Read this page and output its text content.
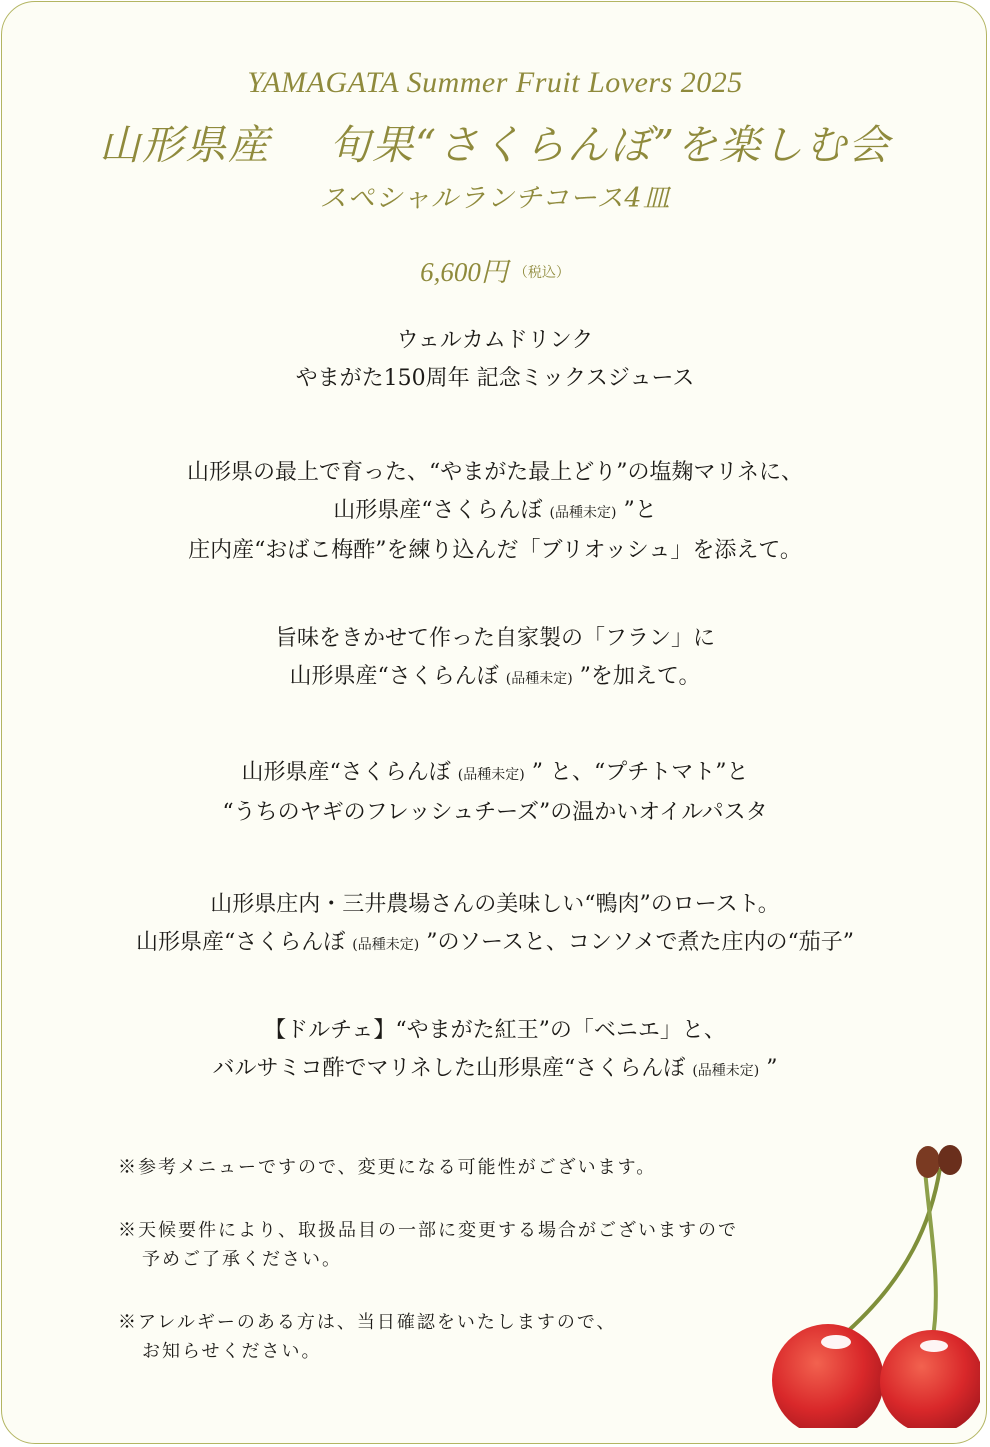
YAMAGATA Summer Fruit Lovers 2025
山形県産　 旬果“さくらんぼ”を楽しむ会
スペシャルランチコース4皿
6,600円 （税込）
ウェルカムドリンク
やまがた150周年 記念ミックスジュース
山形県の最上で育った、“やまがた最上どり”の塩麹マリネに、
山形県産“さくらんぼ (品種未定) ”と
庄内産“おばこ梅酢”を練り込んだ「ブリオッシュ」を添えて。
旨味をきかせて作った自家製の「フラン」に
山形県産“さくらんぼ (品種未定) ”を加えて。
山形県産“さくらんぼ (品種未定) ” と、“プチトマト”と
“うちのヤギのフレッシュチーズ”の温かいオイルパスタ
山形県庄内・三井農場さんの美味しい“鴨肉”のロースト。
山形県産“さくらんぼ (品種未定) ”のソースと、コンソメで煮た庄内の“茄子”
【ドルチェ】“やまがた紅王”の「ベニエ」と、
バルサミコ酢でマリネした山形県産“さくらんぼ (品種未定) ”
※参考メニューですので、変更になる可能性がございます。
※天候要件により、取扱品目の一部に変更する場合がございますので
予めご了承ください。
※アレルギーのある方は、当日確認をいたしますので、
お知らせください。
